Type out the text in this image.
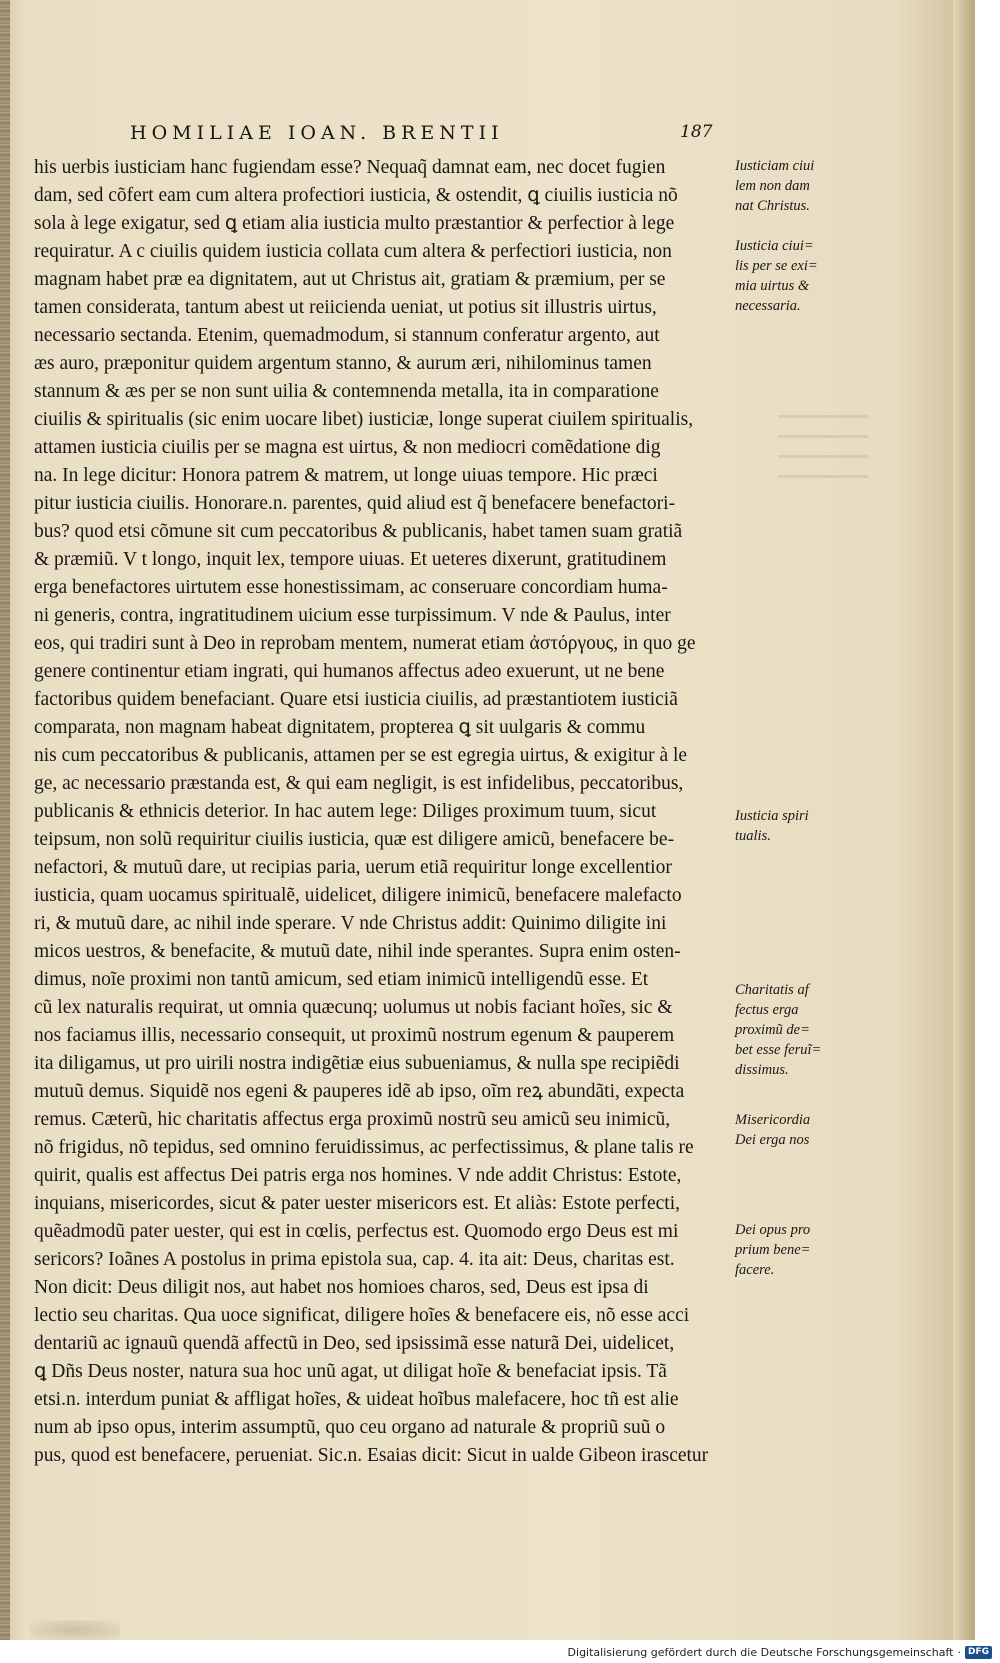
HOMILIAE IOAN. BRENTII	187
his uerbis iusticiam hanc fugiendam esse? Nequaq̃ damnat eam, nec docet fugien
dam, sed cõfert eam cum altera profectiori iusticia, & ostendit, ꝗ ciuilis iusticia nõ
sola à lege exigatur, sed ꝗ etiam alia iusticia multo præstantior & perfectior à lege
requiratur. A c ciuilis quidem iusticia collata cum altera & perfectiori iusticia, non
magnam habet præ ea dignitatem, aut ut Christus ait, gratiam & præmium, per se
tamen considerata, tantum abest ut reiicienda ueniat, ut potius sit illustris uirtus,
necessario sectanda. Etenim, quemadmodum, si stannum conferatur argento, aut
æs auro, præponitur quidem argentum stanno, & aurum æri, nihilominus tamen
stannum & æs per se non sunt uilia & contemnenda metalla, ita in comparatione
ciuilis & spiritualis (sic enim uocare libet) iusticiæ, longe superat ciuilem spiritualis,
attamen iusticia ciuilis per se magna est uirtus, & non mediocri comẽdatione dig
na. In lege dicitur: Honora patrem & matrem, ut longe uiuas tempore. Hic præci
pitur iusticia ciuilis. Honorare.n. parentes, quid aliud est q̃ benefacere benefactori-
bus? quod etsi cõmune sit cum peccatoribus & publicanis, habet tamen suam gratiã
& præmiũ. V t longo, inquit lex, tempore uiuas. Et ueteres dixerunt, gratitudinem
erga benefactores uirtutem esse honestissimam, ac conseruare concordiam huma-
ni generis, contra, ingratitudinem uicium esse turpissimum. V nde & Paulus, inter
eos, qui tradiri sunt à Deo in reprobam mentem, numerat etiam ἀστόργους, in quo ge
genere continentur etiam ingrati, qui humanos affectus adeo exuerunt, ut ne bene
factoribus quidem benefaciant. Quare etsi iusticia ciuilis, ad præstantiotem iusticiã
comparata, non magnam habeat dignitatem, propterea ꝗ sit uulgaris & commu
nis cum peccatoribus & publicanis, attamen per se est egregia uirtus, & exigitur à le
ge, ac necessario præstanda est, & qui eam negligit, is est infidelibus, peccatoribus,
publicanis & ethnicis deterior. In hac autem lege: Diliges proximum tuum, sicut
teipsum, non solũ requiritur ciuilis iusticia, quæ est diligere amicũ, benefacere be-
nefactori, & mutuũ dare, ut recipias paria, uerum etiã requiritur longe excellentior
iusticia, quam uocamus spiritualẽ, uidelicet, diligere inimicũ, benefacere malefacto
ri, & mutuũ dare, ac nihil inde sperare. V nde Christus addit: Quinimo diligite ini
micos uestros, & benefacite, & mutuũ date, nihil inde sperantes. Supra enim osten-
dimus, noĩe proximi non tantũ amicum, sed etiam inimicũ intelligendũ esse. Et
cũ lex naturalis requirat, ut omnia quæcunq; uolumus ut nobis faciant hoĩes, sic &
nos faciamus illis, necessario consequit, ut proximũ nostrum egenum & pauperem
ita diligamus, ut pro uirili nostra indigẽtiæ eius subueniamus, & nulla spe recipiẽdi
mutuũ demus. Siquidẽ nos egeni & pauperes idẽ ab ipso, oĩm reꝝ abundãti, expecta
remus. Cæterũ, hic charitatis affectus erga proximũ nostrũ seu amicũ seu inimicũ,
nõ frigidus, nõ tepidus, sed omnino feruidissimus, ac perfectissimus, & plane talis re
quirit, qualis est affectus Dei patris erga nos homines. V nde addit Christus: Estote,
inquians, misericordes, sicut & pater uester misericors est. Et aliàs: Estote perfecti,
quẽadmodũ pater uester, qui est in cœlis, perfectus est. Quomodo ergo Deus est mi
sericors? Ioãnes A postolus in prima epistola sua, cap. 4. ita ait: Deus, charitas est.
Non dicit: Deus diligit nos, aut habet nos homioes charos, sed, Deus est ipsa di
lectio seu charitas. Qua uoce significat, diligere hoĩes & benefacere eis, nõ esse acci
dentariũ ac ignauũ quendã affectũ in Deo, sed ipsissimã esse naturã Dei, uidelicet,
ꝗ Dñs Deus noster, natura sua hoc unũ agat, ut diligat hoĩe & benefaciat ipsis. Tã
etsi.n. interdum puniat & affligat hoĩes, & uideat hoĩbus malefacere, hoc tñ est alie
num ab ipso opus, interim assumptũ, quo ceu organo ad naturale & propriũ suũ o
pus, quod est benefacere, perueniat. Sic.n. Esaias dicit: Sicut in ualde Gibeon irascetur
Iusticiam ciui
lem non dam
nat Christus.
Iusticia ciui=
lis per se exi=
mia uirtus &
necessaria.
Iusticia spiri
tualis.
Charitatis af
fectus erga
proximũ de=
bet esse feruĩ=
dissimus.
Misericordia
Dei erga nos
Dei opus pro
prium bene=
facere.
Digitalisierung gefördert durch die Deutsche Forschungsgemeinschaft · DFG
